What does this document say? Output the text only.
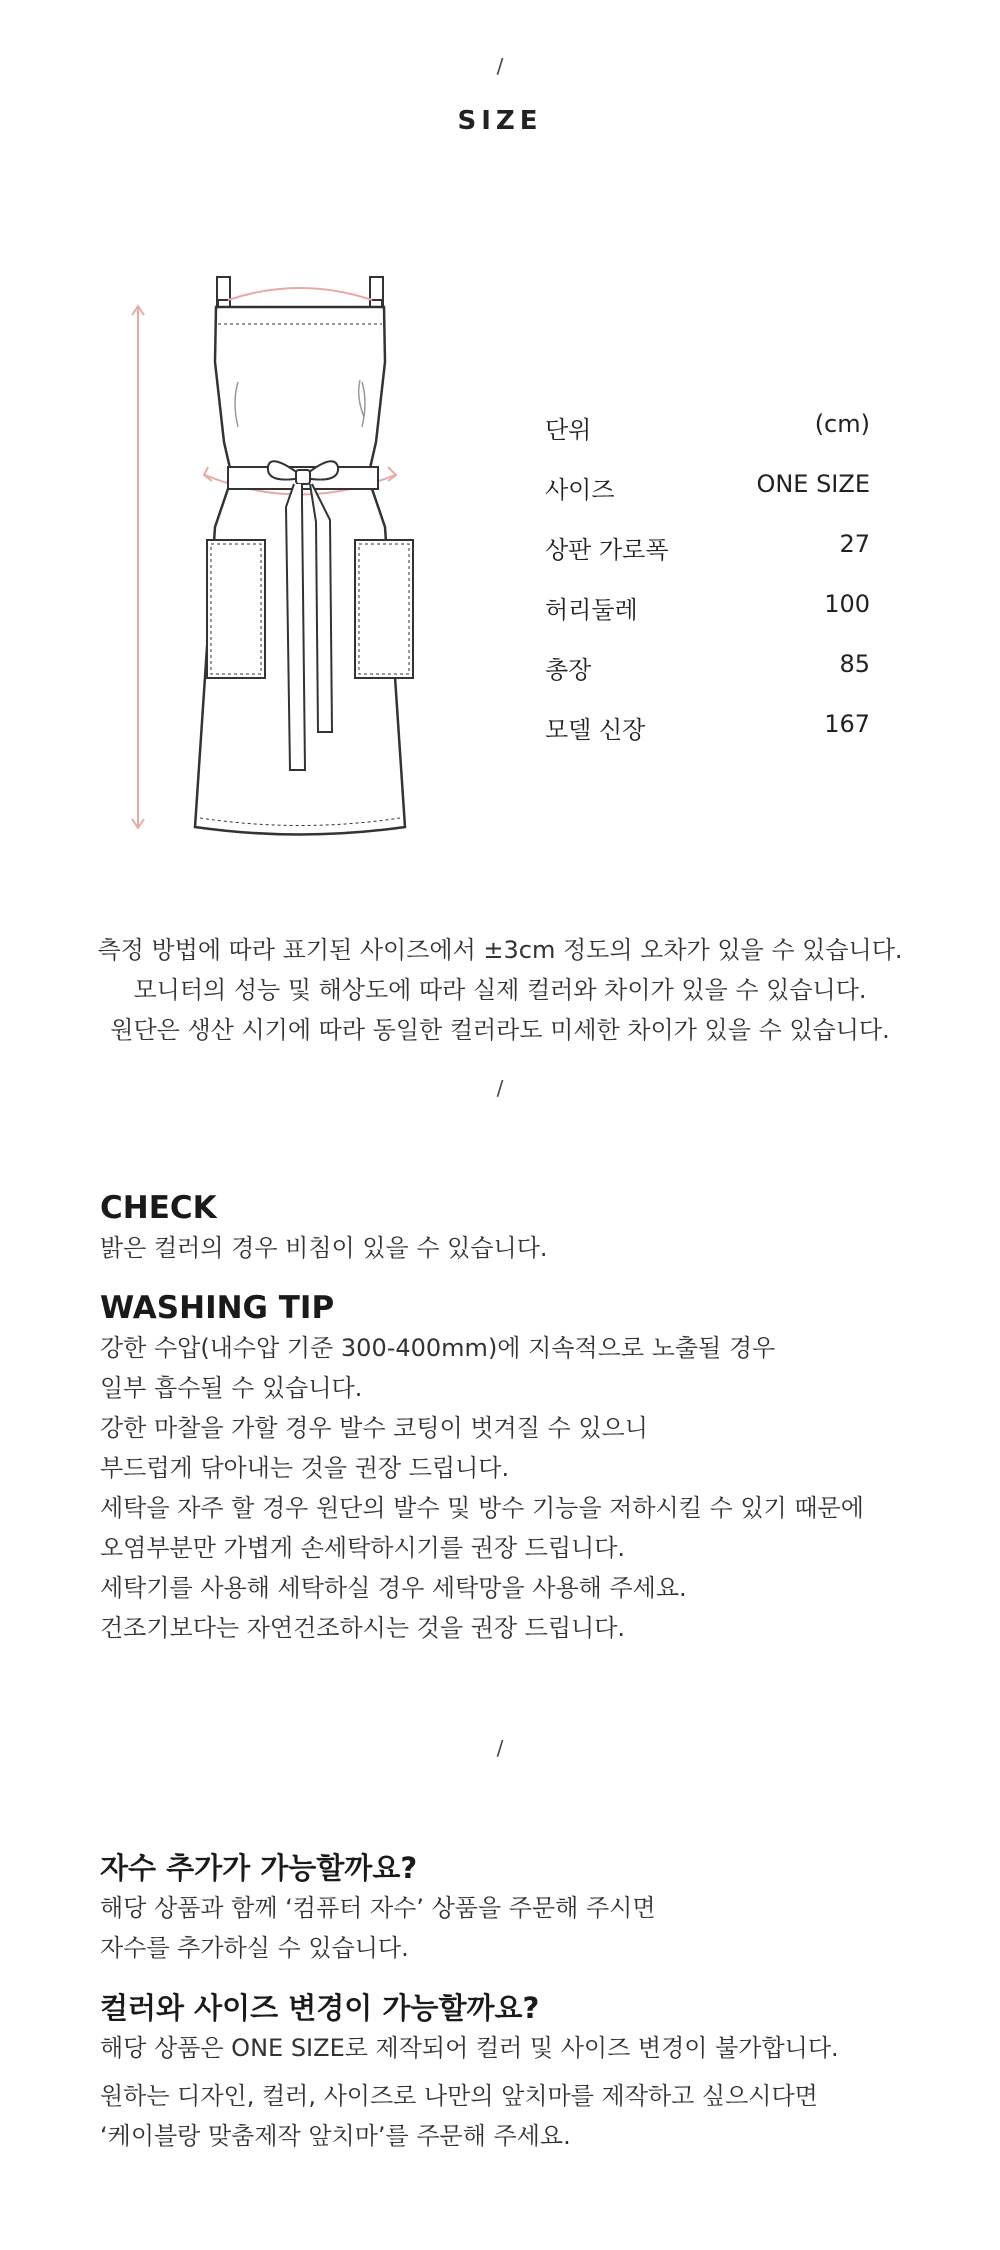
/
SIZE
단위	(cm)
사이즈	ONE SIZE
상판 가로폭	27
허리둘레	100
총장	85
모델 신장	167
측정 방법에 따라 표기된 사이즈에서 ±3cm 정도의 오차가 있을 수 있습니다.
모니터의 성능 및 해상도에 따라 실제 컬러와 차이가 있을 수 있습니다.
원단은 생산 시기에 따라 동일한 컬러라도 미세한 차이가 있을 수 있습니다.
/

CHECK

밝은 컬러의 경우 비침이 있을 수 있습니다.

WASHING TIP

강한 수압(내수압 기준 300-400mm)에 지속적으로 노출될 경우

일부 흡수될 수 있습니다.

강한 마찰을 가할 경우 발수 코팅이 벗겨질 수 있으니

부드럽게 닦아내는 것을 권장 드립니다.

세탁을 자주 할 경우 원단의 발수 및 방수 기능을 저하시킬 수 있기 때문에

오염부분만 가볍게 손세탁하시기를 권장 드립니다.

세탁기를 사용해 세탁하실 경우 세탁망을 사용해 주세요.

건조기보다는 자연건조하시는 것을 권장 드립니다.

/

자수 추가가 가능할까요?

해당 상품과 함께 ‘컴퓨터 자수’ 상품을 주문해 주시면

자수를 추가하실 수 있습니다.

컬러와 사이즈 변경이 가능할까요?

해당 상품은 ONE SIZE로 제작되어 컬러 및 사이즈 변경이 불가합니다.

원하는 디자인, 컬러, 사이즈로 나만의 앞치마를 제작하고 싶으시다면

‘케이블랑 맞춤제작 앞치마’를 주문해 주세요.
